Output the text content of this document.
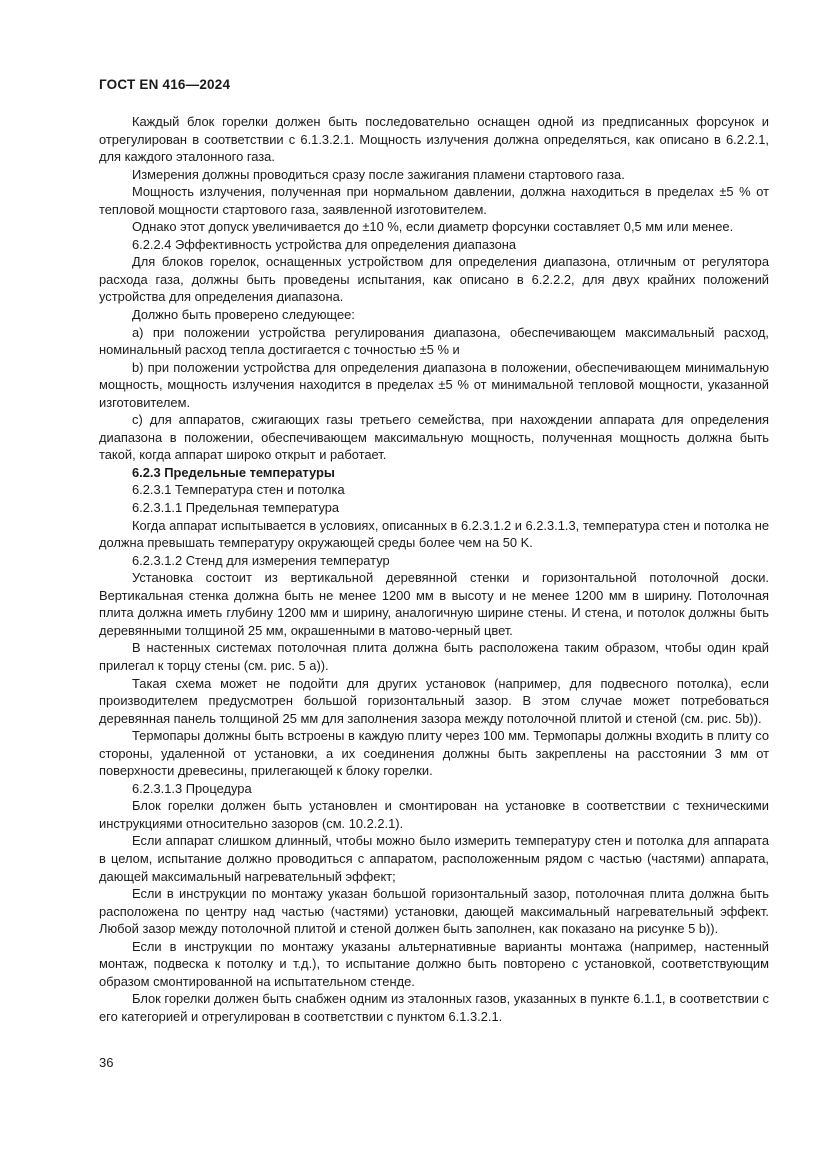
ГОСТ EN 416—2024

Каждый блок горелки должен быть последовательно оснащен одной из предписанных форсунок и отрегулирован в соответствии с 6.1.3.2.1. Мощность излучения должна определяться, как описано в 6.2.2.1, для каждого эталонного газа.

Измерения должны проводиться сразу после зажигания пламени стартового газа.

Мощность излучения, полученная при нормальном давлении, должна находиться в пределах ±5 % от тепловой мощности стартового газа, заявленной изготовителем.

Однако этот допуск увеличивается до ±10 %, если диаметр форсунки составляет 0,5 мм или менее.

6.2.2.4 Эффективность устройства для определения диапазона

Для блоков горелок, оснащенных устройством для определения диапазона, отличным от регулятора расхода газа, должны быть проведены испытания, как описано в 6.2.2.2, для двух крайних положений устройства для определения диапазона.

Должно быть проверено следующее:

a) при положении устройства регулирования диапазона, обеспечивающем максимальный расход, номинальный расход тепла достигается с точностью ±5 % и

b) при положении устройства для определения диапазона в положении, обеспечивающем минимальную мощность, мощность излучения находится в пределах ±5 % от минимальной тепловой мощности, указанной изготовителем.

c) для аппаратов, сжигающих газы третьего семейства, при нахождении аппарата для определения диапазона в положении, обеспечивающем максимальную мощность, полученная мощность должна быть такой, когда аппарат широко открыт и работает.

6.2.3 Предельные температуры

6.2.3.1 Температура стен и потолка

6.2.3.1.1 Предельная температура

Когда аппарат испытывается в условиях, описанных в 6.2.3.1.2 и 6.2.3.1.3, температура стен и потолка не должна превышать температуру окружающей среды более чем на 50 K.

6.2.3.1.2 Стенд для измерения температур

Установка состоит из вертикальной деревянной стенки и горизонтальной потолочной доски. Вертикальная стенка должна быть не менее 1200 мм в высоту и не менее 1200 мм в ширину. Потолочная плита должна иметь глубину 1200 мм и ширину, аналогичную ширине стены. И стена, и потолок должны быть деревянными толщиной 25 мм, окрашенными в матово-черный цвет.

В настенных системах потолочная плита должна быть расположена таким образом, чтобы один край прилегал к торцу стены (см. рис. 5 а)).

Такая схема может не подойти для других установок (например, для подвесного потолка), если производителем предусмотрен большой горизонтальный зазор. В этом случае может потребоваться деревянная панель толщиной 25 мм для заполнения зазора между потолочной плитой и стеной (см. рис. 5b)).

Термопары должны быть встроены в каждую плиту через 100 мм. Термопары должны входить в плиту со стороны, удаленной от установки, а их соединения должны быть закреплены на расстоянии 3 мм от поверхности древесины, прилегающей к блоку горелки.

6.2.3.1.3 Процедура

Блок горелки должен быть установлен и смонтирован на установке в соответствии с техническими инструкциями относительно зазоров (см. 10.2.2.1).

Если аппарат слишком длинный, чтобы можно было измерить температуру стен и потолка для аппарата в целом, испытание должно проводиться с аппаратом, расположенным рядом с частью (частями) аппарата, дающей максимальный нагревательный эффект;

Если в инструкции по монтажу указан большой горизонтальный зазор, потолочная плита должна быть расположена по центру над частью (частями) установки, дающей максимальный нагревательный эффект. Любой зазор между потолочной плитой и стеной должен быть заполнен, как показано на рисунке 5 b)).

Если в инструкции по монтажу указаны альтернативные варианты монтажа (например, настенный монтаж, подвеска к потолку и т.д.), то испытание должно быть повторено с установкой, соответствующим образом смонтированной на испытательном стенде.

Блок горелки должен быть снабжен одним из эталонных газов, указанных в пункте 6.1.1, в соответствии с его категорией и отрегулирован в соответствии с пунктом 6.1.3.2.1.

36
